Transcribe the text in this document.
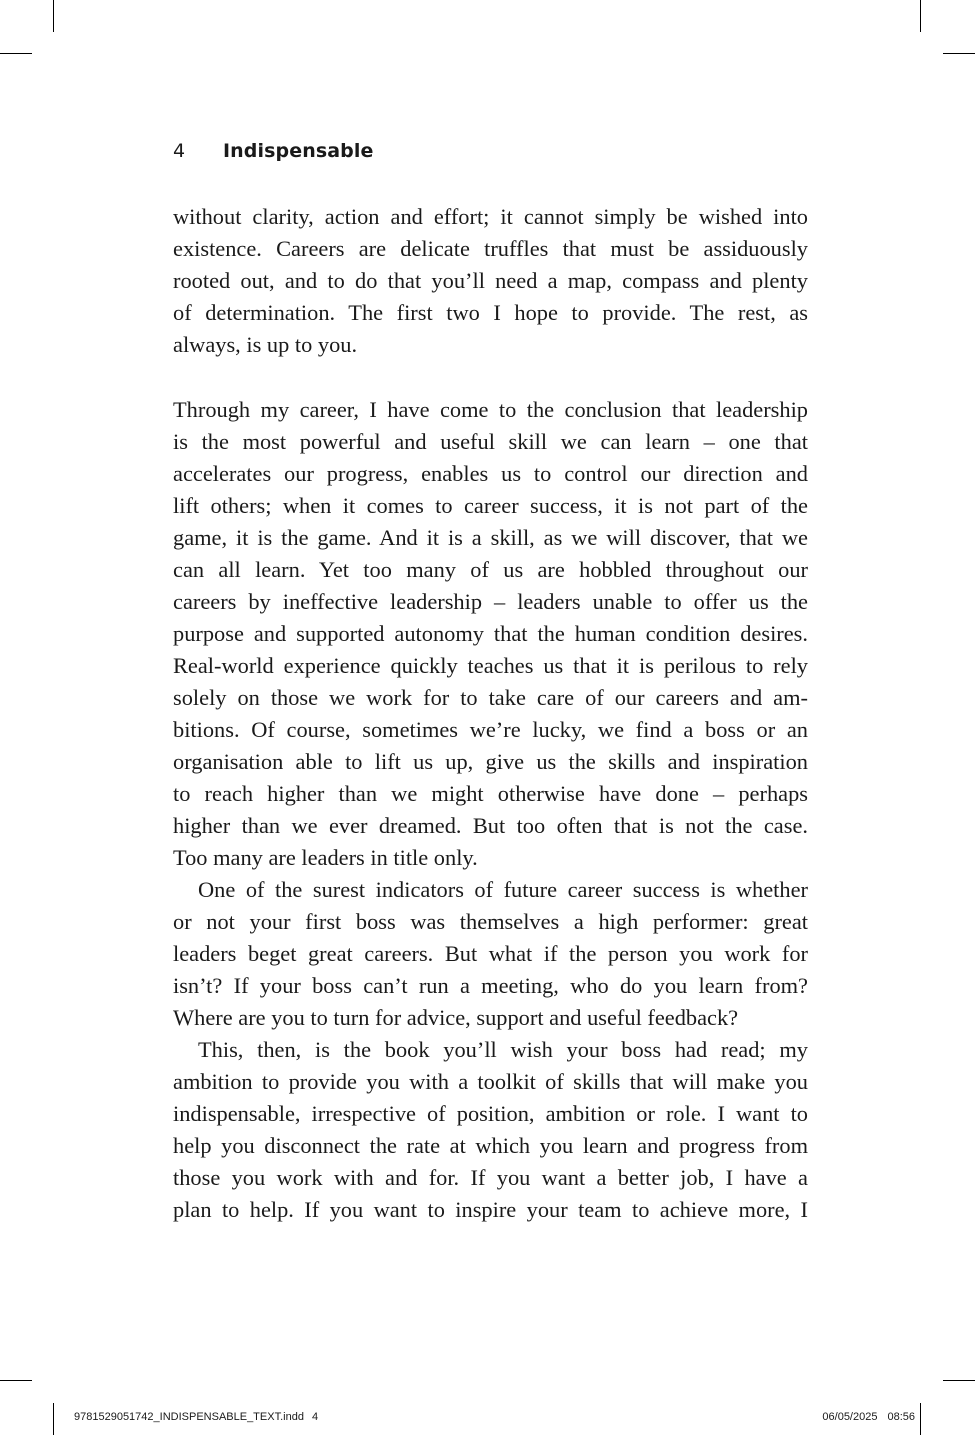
4 Indispensable

without clarity, action and effort; it cannot simply be wished into
existence. Careers are delicate truffles that must be assiduously
rooted out, and to do that you’ll need a map, compass and plenty
of determination. The first two I hope to provide. The rest, as
always, is up to you.

Through my career, I have come to the conclusion that leadership
is the most powerful and useful skill we can learn – one that
accelerates our progress, enables us to control our direction and
lift others; when it comes to career success, it is not part of the
game, it is the game. And it is a skill, as we will discover, that we
can all learn. Yet too many of us are hobbled throughout our
careers by ineffective leadership – leaders unable to offer us the
purpose and supported autonomy that the human condition desires.
Real-world experience quickly teaches us that it is perilous to rely
solely on those we work for to take care of our careers and am-
bitions. Of course, sometimes we’re lucky, we find a boss or an
organisation able to lift us up, give us the skills and inspiration
to reach higher than we might otherwise have done – perhaps
higher than we ever dreamed. But too often that is not the case.
Too many are leaders in title only.

One of the surest indicators of future career success is whether
or not your first boss was themselves a high performer: great
leaders beget great careers. But what if the person you work for
isn’t? If your boss can’t run a meeting, who do you learn from?
Where are you to turn for advice, support and useful feedback?

This, then, is the book you’ll wish your boss had read; my
ambition to provide you with a toolkit of skills that will make you
indispensable, irrespective of position, ambition or role. I want to
help you disconnect the rate at which you learn and progress from
those you work with and for. If you want a better job, I have a
plan to help. If you want to inspire your team to achieve more, I

9781529051742_INDISPENSABLE_TEXT.indd 4	06/05/2025 08:56
